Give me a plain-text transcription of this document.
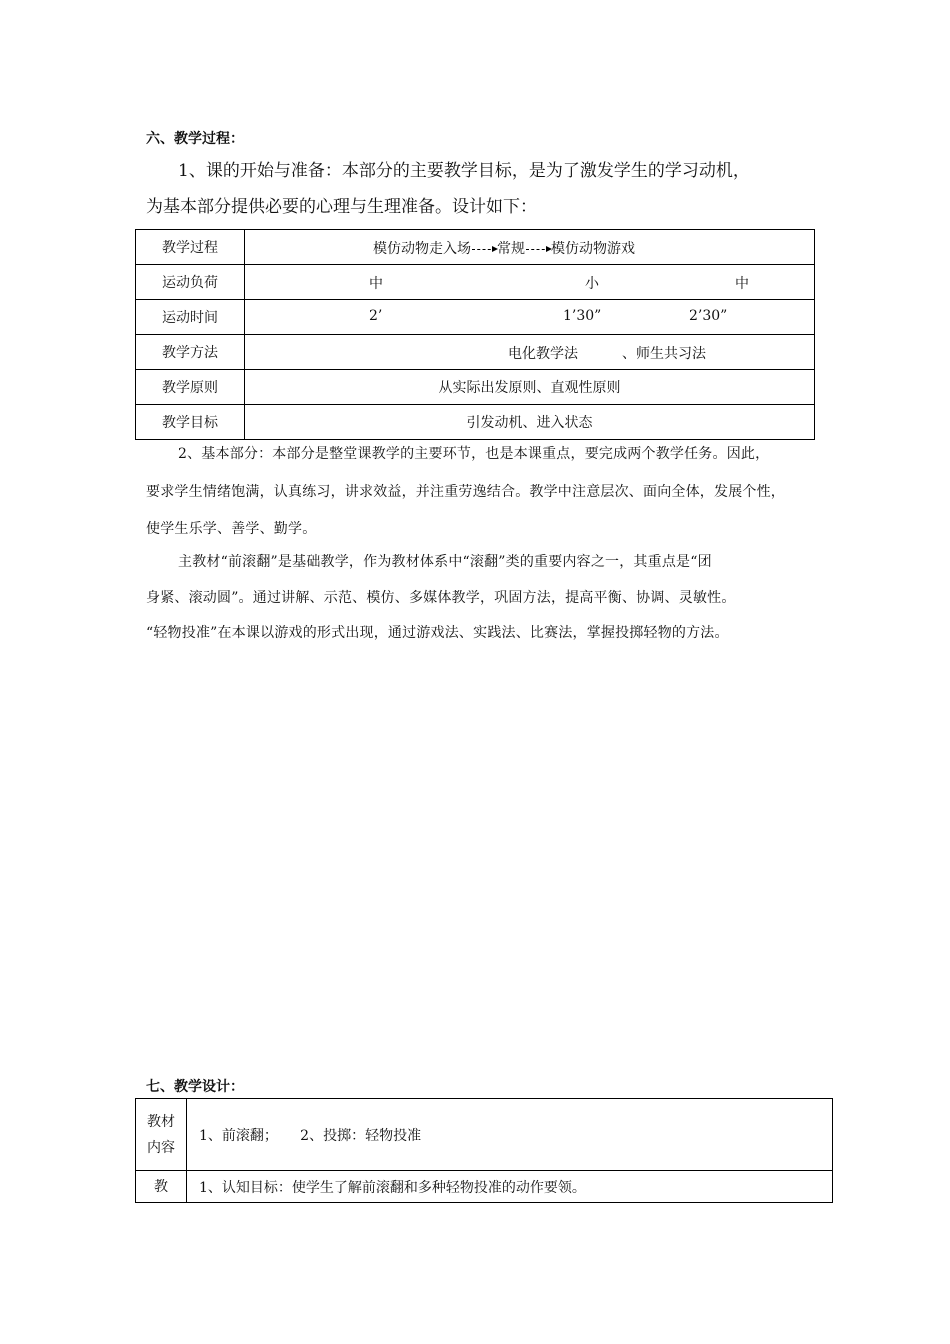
六、教学过程：
1、课的开始与准备：本部分的主要教学目标，是为了激发学生的学习动机，
为基本部分提供必要的心理与生理准备。设计如下：
教学过程	模仿动物走入场 常规 模仿动物游戏

运动负荷	中 小 中

运动时间	2’ 1’30” 2’30”

教学方法	电化教学法 、师生共习法

教学原则	从实际出发原则、直观性原则
教学目标	引发动机、进入状态
2、基本部分：本部分是整堂课教学的主要环节，也是本课重点，要完成两个教学任务。因此，
要求学生情绪饱满，认真练习，讲求效益，并注重劳逸结合。教学中注意层次、面向全体，发展个性，
使学生乐学、善学、勤学。
主教材“前滚翻”是基础教学，作为教材体系中“滚翻”类的重要内容之一，其重点是“团
身紧、滚动圆”。通过讲解、示范、模仿、多媒体教学，巩固方法，提高平衡、协调、灵敏性。
“轻物投准”在本课以游戏的形式出现，通过游戏法、实践法、比赛法，掌握投掷轻物的方法。
七、教学设计：
教材
内容	1、前滚翻；     2、投掷：轻物投准
教	1、认知目标：使学生了解前滚翻和多种轻物投准的动作要领。
